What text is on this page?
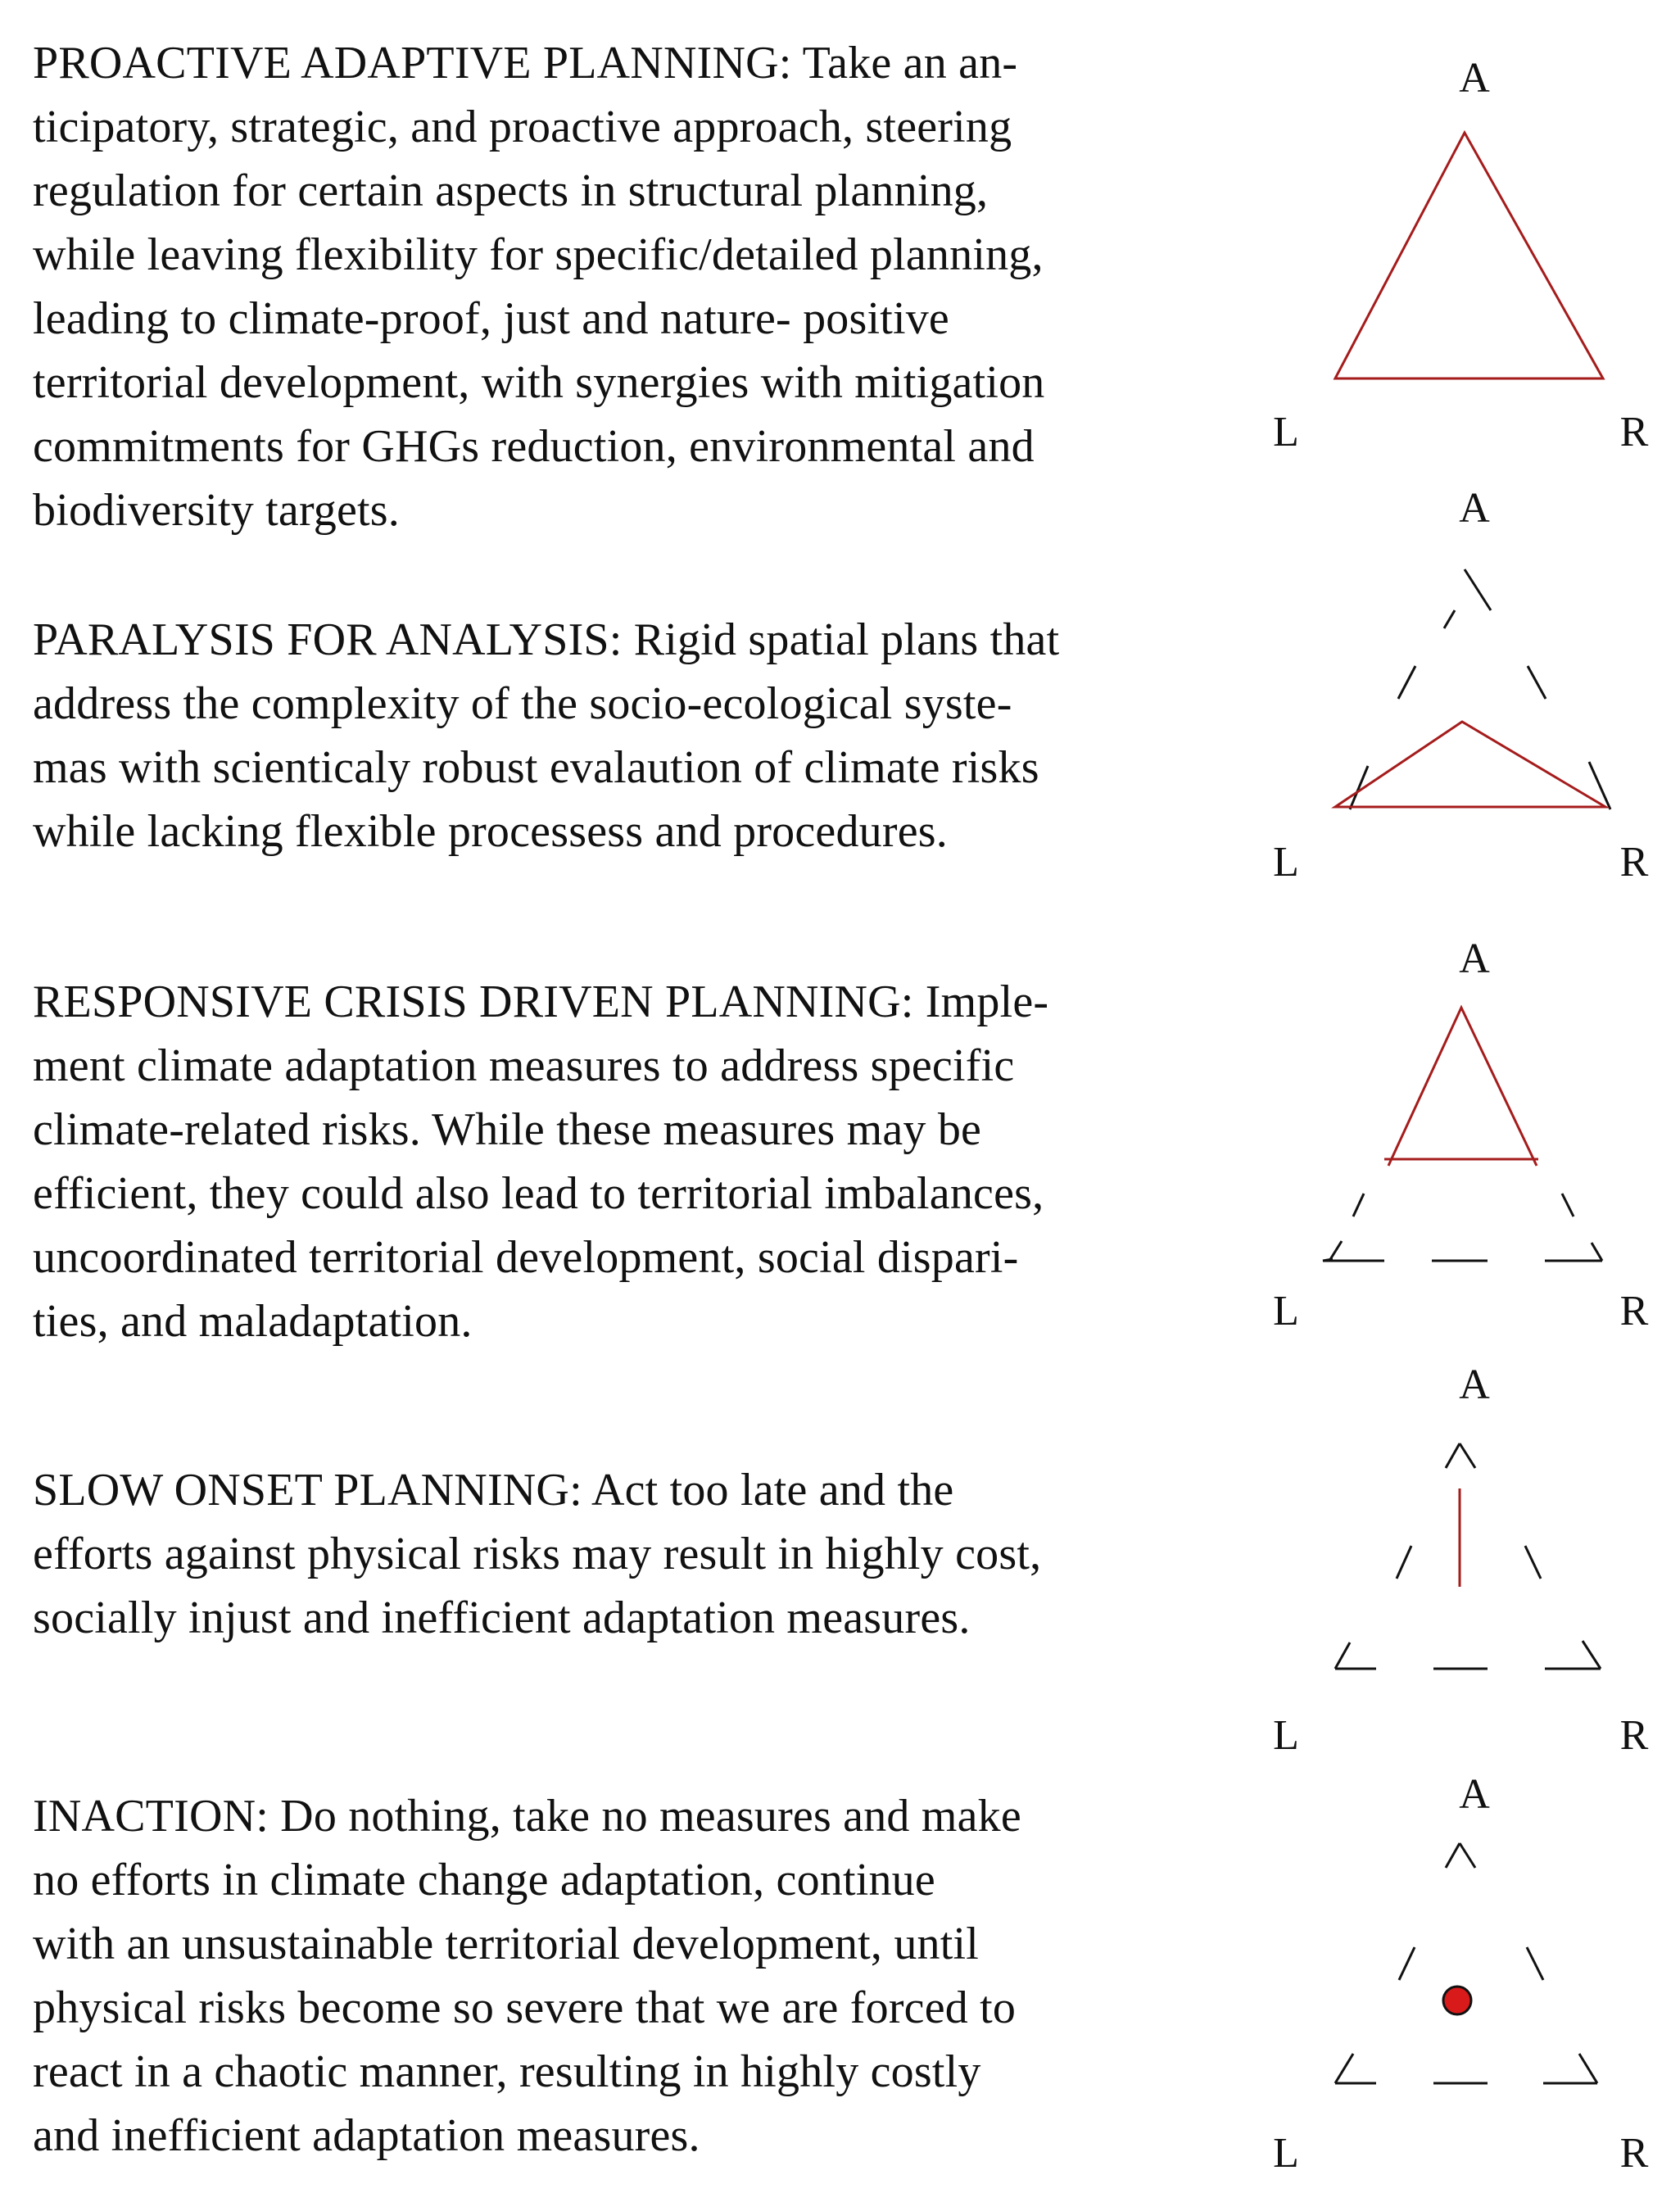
PROACTIVE ADAPTIVE PLANNING: Take an an-
ticipatory, strategic, and proactive approach, steering
regulation for certain aspects in structural planning,
while leaving flexibility for specific/detailed planning,
leading to climate-proof, just and nature- positive
territorial development, with synergies with mitigation
commitments for GHGs reduction, environmental and
biodiversity targets.

A
L	R

PARALYSIS FOR ANALYSIS: Rigid spatial plans that
address the complexity of the socio-ecological syste-
mas with scienticaly robust evalaution of climate risks
while lacking flexible processess and procedures.

A
L	R

RESPONSIVE CRISIS DRIVEN PLANNING: Imple-
ment climate adaptation measures to address specific
climate-related risks. While these measures may be
efficient, they could also lead to territorial imbalances,
uncoordinated territorial development, social dispari-
ties, and maladaptation.

A
L	R

SLOW ONSET PLANNING: Act too late and the
efforts against physical risks may result in highly cost,
socially injust and inefficient adaptation measures.

A
L	R

INACTION: Do nothing, take no measures and make
no efforts in climate change adaptation, continue
with an unsustainable territorial development, until
physical risks become so severe that we are forced to
react in a chaotic manner, resulting in highly costly
and inefficient adaptation measures.

A
L	R
